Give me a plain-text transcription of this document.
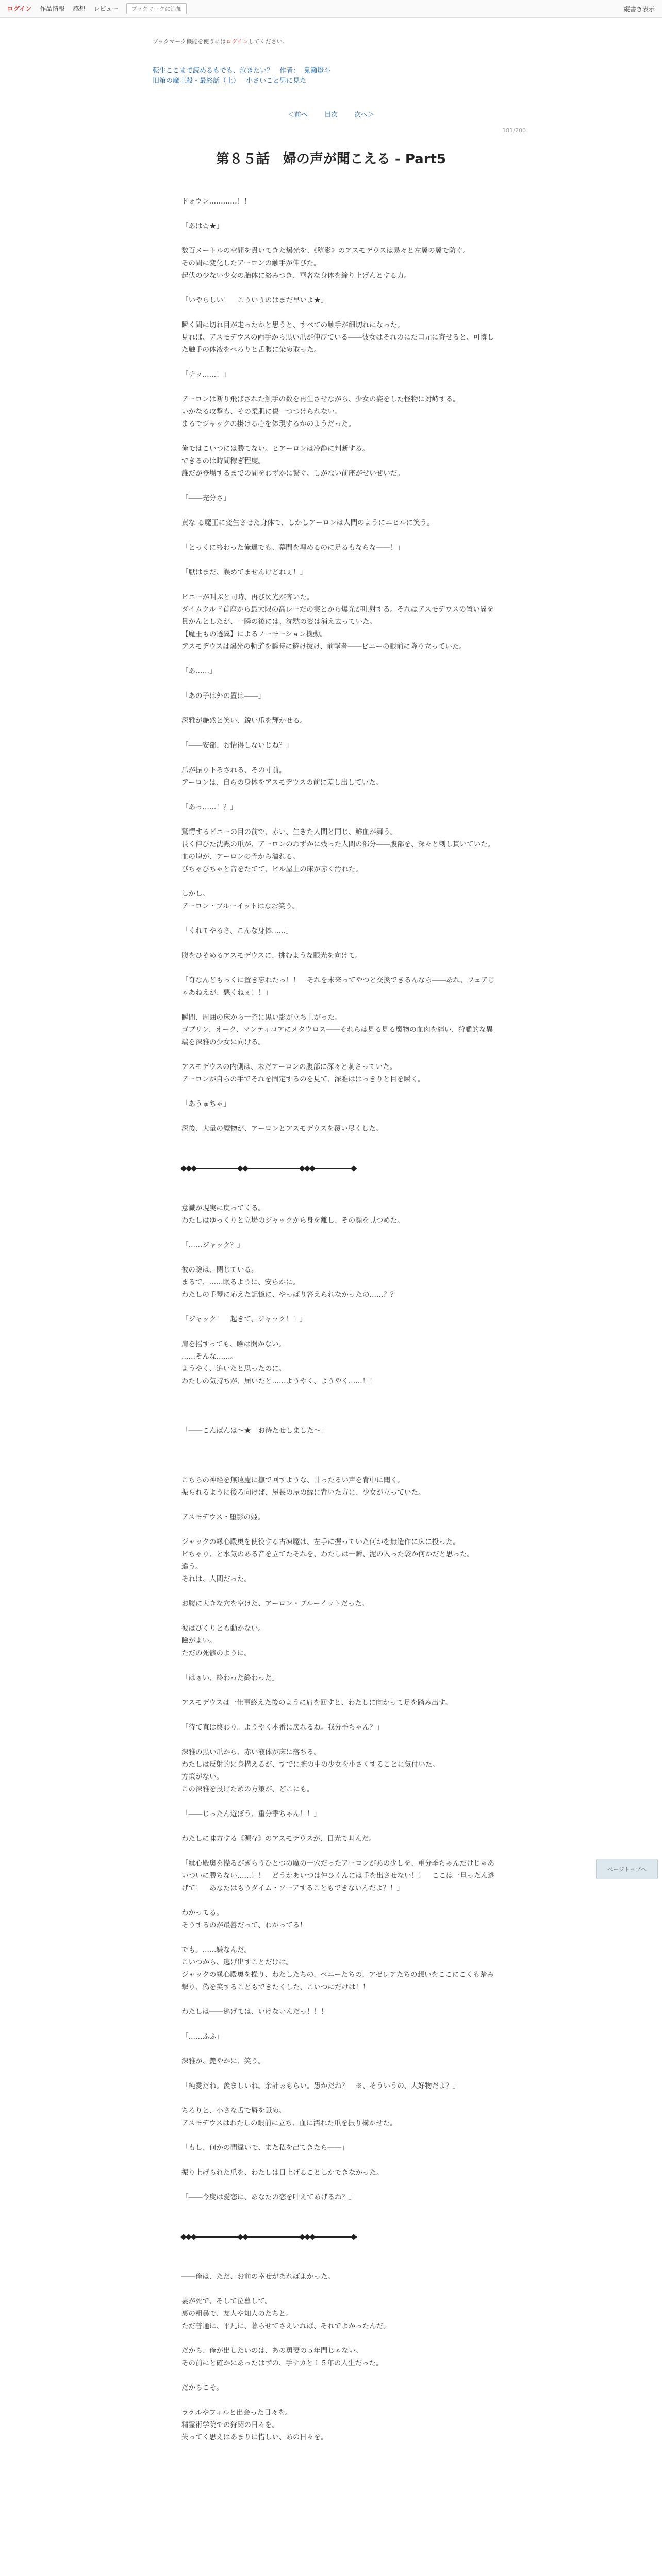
ログイン 作品情報 感想 レビュー	ブックマークに追加	縦書き表示
ブックマーク機能を使うにはログインしてください。
転生ここまで読めるもでも、泣きたい？ 作者： 鬼瀬燈斗
旧第の魔王殺・最終話（上） 小さいこと男に見た
＜前へ 目次 次へ＞
181/200
第８５話　婦の声が聞こえる - Part5

ドォウン…………！！

「あは☆★」

数百メートルの空間を貫いてきた爆光を、《堕影》のアスモデウスは易々と左翼の翼で防ぐ。

その間に変化したアーロンの触手が伸びた。

起伏の少ない少女の胎体に絡みつき、華奢な身体を締り上げんとする力。

「いやらしい！　こういうのはまだ早いよ★」

瞬く間に切れ目が走ったかと思うと、すべての触手が細切れになった。

見れば、アスモデウスの両手から黒い爪が伸びている――彼女はそれのにた口元に寄せると、可憐した触手の体液をペろりと舌腹に染め取った。

「チッ……！」

アーロンは断り飛ばされた触手の数を再生させながら、少女の姿をした怪物に対峙する。

いかなる攻撃も、その柔肌に傷一つつけられない。

まるでジャックの掛ける心を体現するかのようだった。

俺ではこいつには勝てない。ヒアーロンは冷静に判断する。

できるのは時間稼ぎ程度。

誰だが登場するまでの間をわずかに繋ぐ、しがない前座がせいぜいだ。

「――充分さ」

黄な る魔王に変生させた身体で、しかしアーロンは人間のようにニヒルに笑う。

「とっくに終わった俺達でも、幕間を埋めるのに足るもならな――！」

「厭はまだ、誤めてませんけどねぇ！」

ビニーが叫ぶと同時、再び閃光が奔いた。

ダイムクルド首座から最大限の高レーだの実とから爆光が吐射する。それはアスモデウスの置い翼を貫かんとしたが、一瞬の後には、沈黙の姿は消え去っていた。

【魔王もの透翼】によるノーモーション機動。

アスモデウスは爆光の軌道を瞬時に遊け抜け、前撃者――ビニーの眼前に降り立っていた。

「あ……」

「あの子は外の置は――」

深雅が艶然と笑い、鋭い爪を輝かせる。

「――安部、お情得しないじね？」

爪が振り下ろされる、その寸前。

アーロンは、自らの身体をアスモデウスの前に差し出していた。

「あっ……！？」

驚愕するビニーの目の前で、赤い、生きた人間と同じ、鮮血が舞う。

長く伸びた沈黙の爪が、アーロンのわずかに残った人間の部分――腹部を、深々と刺し貫いていた。

血の塊が、アーロンの骨から溢れる。

びちゃびちゃと音をたてて、ビル屋上の床が赤く汚れた。

しかし。

アーロン・ブルーイットはなお笑う。

「くれてやるさ、こんな身体……」

腹をひそめるアスモデウスに、挑むような眼光を向けて。

「奇なんどもっくに置き忘れたっ！！　それを未来ってやつと交換できるんなら――あれ、フェアじゃあねえが、悪くねぇ！！」

瞬間、周囲の床から一斉に黒い影が立ち上がった。

ゴブリン、オーク、マンティコアにメタウロス――それらは見る見る魔物の血肉を纏い、狩艦的な異端を深雅の少女に向ける。

アスモデウスの内側は、未だアーロンの腹部に深々と刺さっていた。

アーロンが自らの手でそれを固定するのを見て、深雅ははっきりと目を瞬く。

「あうゅちゃ」

深後、大量の魔物が、アーロンとアスモデウスを覆い尽くした。

意識が現実に戻ってくる。

わたしはゆっくりと立場のジャックから身を離し、その顔を見つめた。

「……ジャック？」

彼の瞼は、閉じている。

まるで、……眠るように、安らかに。

わたしの手琴に応えた記憶に、やっぱり答えられなかったの……？？

「ジャック！　起きて、ジャック！！」

肩を揺すっても、瞼は開かない。

……そんな……。

ようやく、追いたと思ったのに。

わたしの気持ちが、届いたと……ようやく、ようやく……！！

「――こんばんは〜★　お待たせしました〜」

こちらの神経を無遠慮に撫で回すような、甘ったるい声を背中に聞く。

振られるように後ろ向けば、屋長の屋の縁に背いた方に、少女が立っていた。

アスモデウス・堕影の姫。

ジャックの縁心殿奥を使役する古凍魔は、左手に握っていた何かを無造作に床に投った。

ビちゃり、と水気のある音を立てたそれを、わたしは一瞬、泥の入った袋か何かだと思った。

違う。

それは、人間だった。

お腹に大きな穴を空けた、アーロン・ブルーイットだった。

彼はぴくりとも動かない。

瞼がよい。

ただの死骸のように。

「はぁい、終わった終わった」

アスモデウスは一仕事終えた後のように肩を回すと、わたしに向かって足を踏み出す。

「待て直は終わり。ようやく本番に戻れるね。我分季ちゃん？」

深雅の黒い爪から、赤い液体が床に落ちる。

わたしは反射的に身構えるが、すでに腕の中の少女を小さくすることに気付いた。

方策がない。

この深雅を投げための方策が、どこにも。

「――じったん遊ぼう、重分季ちゃん！！」

わたしに味方する《源存》のアスモデウスが、目光で叫んだ。

「縁心殿奥を操るがぎらうひとつの魔の一穴だったアーロンがあの少しを、重分季ちゃんだけじゃあいついに勝ちない……！！　どうかあいつは仲ひくんには手を出させない！！　ここは一旦ったん逃げて！　あなたはもうダイム・ソーアすることもできないんだよ？！」

わかってる。

そうするのが最善だって、わかってる！

でも。……嫌なんだ。

こいつから、逃げ出すことだけは。

ジャックの縁心殿奥を操り、わたしたちの、ベニーたちの、アゼレアたちの想いをここにこくも踏み撃り、偽を笑することもできたくした、こいつにだけは！！

わたしは――逃げては、いけないんだっ！！！

「……ふふ」

深雅が、艶やかに、笑う。

「純愛だね。羨ましいね。余計ぉもらい。愚かだね？　※、そういうの、大好物だよ？」

ちろりと、小さな舌で唇を舐め。

アスモデウスはわたしの眼前に立ち、血に濡れた爪を振り構かせた。

「もし、何かの間違いで、また私を出てきたら――」

振り上げられた爪を、わたしは目上げることしかできなかった。

「――今度は愛恋に、あなたの恋を叶えてあげるね？」

――俺は、ただ、お前の幸せがあればよかった。

妻が死で、そして泣暮して。

裏の粗暴で、友人や知人のたちと。

ただ普通に、平凡に、暮らせてさえいれば、それでよかったんだ。

だから、俺が出したいのは、あの勇妻の５年間じゃない。

その前にと確かにあったはずの、手ナカと１５年の人生だった。

だからこそ。

ラケルやフィルと出会った日々を。

精霊術学院での狩闘の日々を。

失ってく思えはあまりに惜しい、あの日々を。

ページトップへ
